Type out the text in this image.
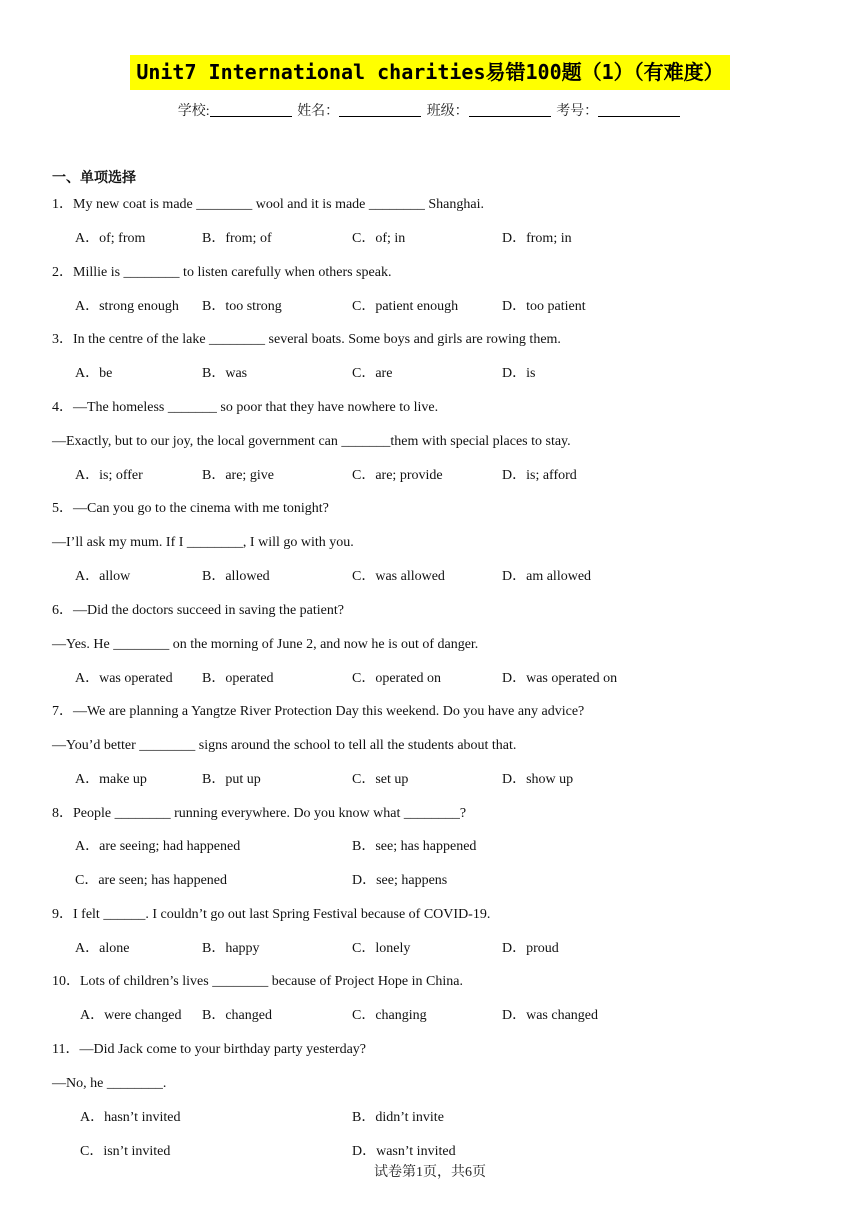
Unit7 International charities易错100题（1）（有难度）
学校:	姓名：	班级：	考号：
一、单项选择
1．My new coat is made ________ wool and it is made ________ Shanghai.
A．of; from	B．from; of	C．of; in	D．from; in
2．Millie is ________ to listen carefully when others speak.
A．strong enough B．too strong	C．patient enough	D．too patient
3．In the centre of the lake ________ several boats. Some boys and girls are rowing them.
A．be	B．was	C．are	D．is
4．—The homeless _______ so poor that they have nowhere to live.
—Exactly, but to our joy, the local government can _______them with special places to stay.
A．is; offer	B．are; give	C．are; provide	D．is; afford
5．—Can you go to the cinema with me tonight?
—I’ll ask my mum. If I ________, I will go with you.
A．allow	B．allowed	C．was allowed	D．am allowed
6．—Did the doctors succeed in saving the patient?
—Yes. He ________ on the morning of June 2, and now he is out of danger.
A．was operated B．operated	C．operated on	D．was operated on
7．—We are planning a Yangtze River Protection Day this weekend. Do you have any advice?
—You’d better ________ signs around the school to tell all the students about that.
A．make up	B．put up	C．set up	D．show up
8．People ________ running everywhere. Do you know what ________?
A．are seeing; had happened	B．see; has happened
C．are seen; has happened	D．see; happens
9．I felt ______. I couldn’t go out last Spring Festival because of COVID-19.
A．alone	B．happy	C．lonely	D．proud
10．Lots of children’s lives ________ because of Project Hope in China.
A．were changed B．changed	C．changing	D．was changed
11．—Did Jack come to your birthday party yesterday?
—No, he ________.
A．hasn’t invited	B．didn’t invite
C．isn’t invited	D．wasn’t invited
试卷第1页，共6页
